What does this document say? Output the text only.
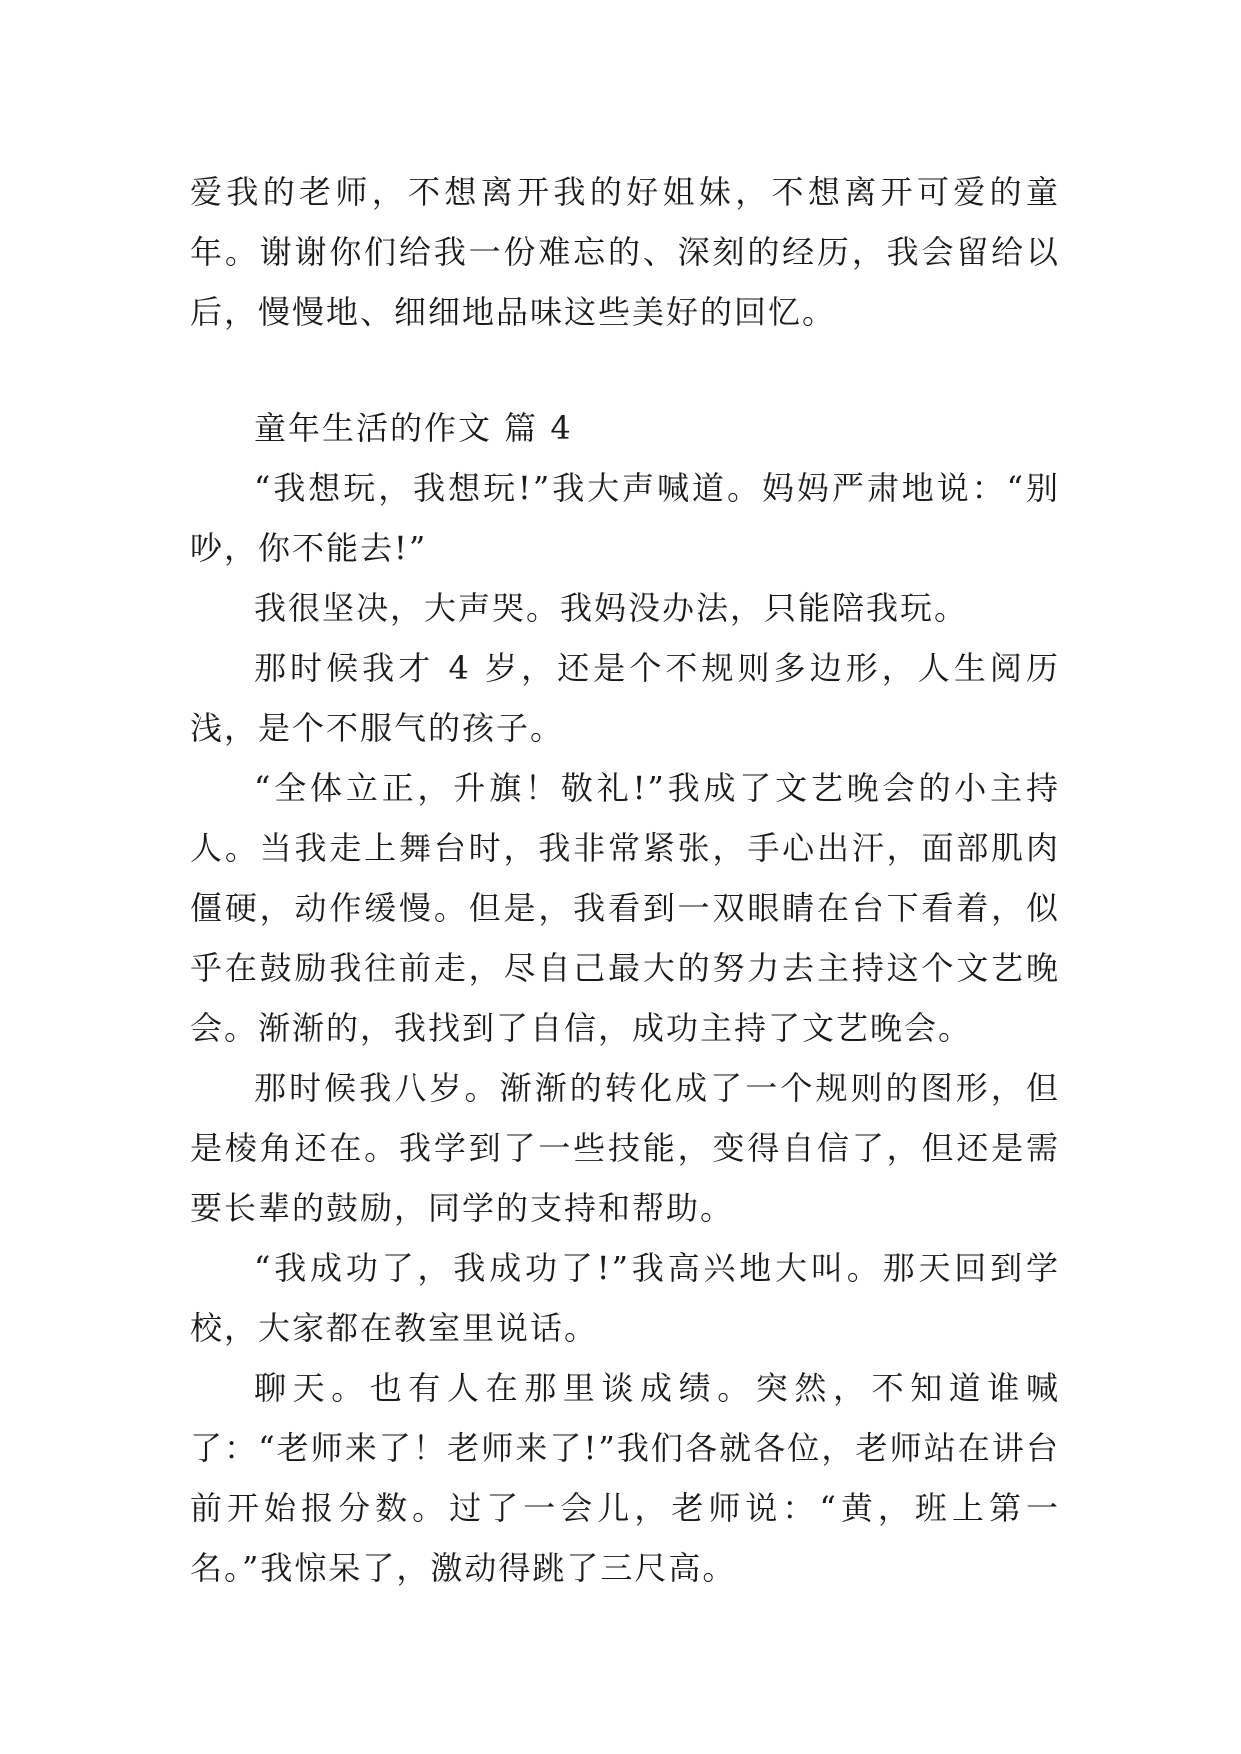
爱我的老师，不想离开我的好姐妹，不想离开可爱的童年。谢谢你们给我一份难忘的、深刻的经历，我会留给以后，慢慢地、细细地品味这些美好的回忆。

童年生活的作文 篇 4

“我想玩，我想玩!”我大声喊道。妈妈严肃地说：“别吵，你不能去!”

我很坚决，大声哭。我妈没办法，只能陪我玩。

那时候我才 4 岁，还是个不规则多边形，人生阅历浅，是个不服气的孩子。

“全体立正，升旗！敬礼!”我成了文艺晚会的小主持人。当我走上舞台时，我非常紧张，手心出汗，面部肌肉僵硬，动作缓慢。但是，我看到一双眼睛在台下看着，似乎在鼓励我往前走，尽自己最大的努力去主持这个文艺晚会。渐渐的，我找到了自信，成功主持了文艺晚会。

那时候我八岁。渐渐的转化成了一个规则的图形，但是棱角还在。我学到了一些技能，变得自信了，但还是需要长辈的鼓励，同学的支持和帮助。

“我成功了，我成功了!”我高兴地大叫。那天回到学校，大家都在教室里说话。

聊天。也有人在那里谈成绩。突然，不知道谁喊了：“老师来了！老师来了!”我们各就各位，老师站在讲台前开始报分数。过了一会儿，老师说：“黄，班上第一名。”我惊呆了，激动得跳了三尺高。
